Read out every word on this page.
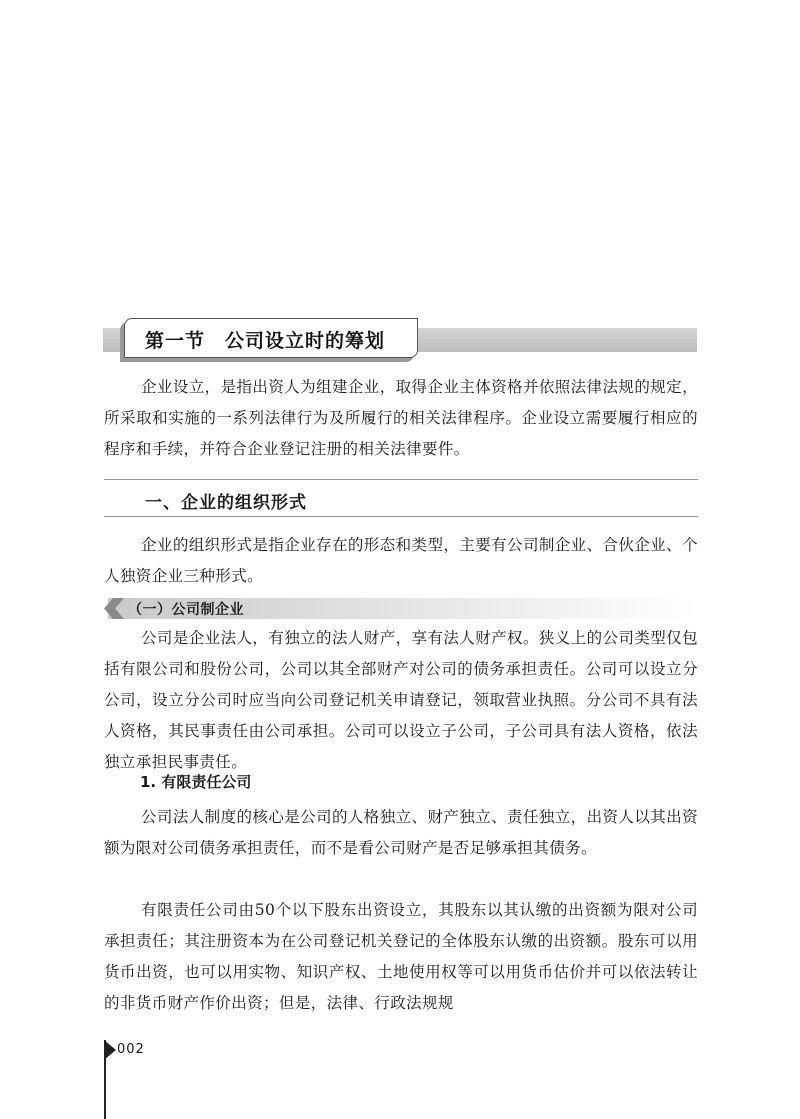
第一节　公司设立时的筹划
企业设立，是指出资人为组建企业，取得企业主体资格并依照法律法规的规定，所采取和实施的一系列法律行为及所履行的相关法律程序。企业设立需要履行相应的程序和手续，并符合企业登记注册的相关法律要件。
一、企业的组织形式
企业的组织形式是指企业存在的形态和类型，主要有公司制企业、合伙企业、个人独资企业三种形式。
（一）公司制企业
公司是企业法人，有独立的法人财产，享有法人财产权。狭义上的公司类型仅包括有限公司和股份公司，公司以其全部财产对公司的债务承担责任。公司可以设立分公司，设立分公司时应当向公司登记机关申请登记，领取营业执照。分公司不具有法人资格，其民事责任由公司承担。公司可以设立子公司，子公司具有法人资格，依法独立承担民事责任。
1. 有限责任公司
公司法人制度的核心是公司的人格独立、财产独立、责任独立，出资人以其出资额为限对公司债务承担责任，而不是看公司财产是否足够承担其债务。
有限责任公司由50个以下股东出资设立，其股东以其认缴的出资额为限对公司承担责任；其注册资本为在公司登记机关登记的全体股东认缴的出资额。股东可以用货币出资，也可以用实物、知识产权、土地使用权等可以用货币估价并可以依法转让的非货币财产作价出资；但是，法律、行政法规规
002
